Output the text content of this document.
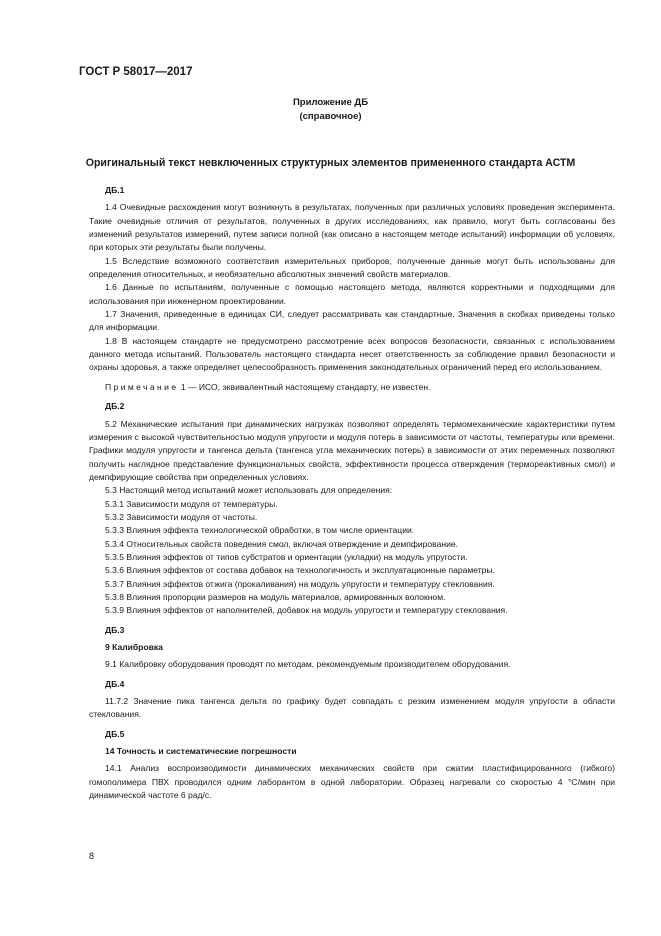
ГОСТ Р 58017—2017
Приложение ДБ
(справочное)
Оригинальный текст невключенных структурных элементов примененного стандарта АСТМ

ДБ.1

1.4 Очевидные расхождения могут возникнуть в результатах, полученных при различных условиях проведения эксперимента. Такие очевидные отличия от результатов, полученных в других исследованиях, как правило, могут быть согласованы без изменений результатов измерений, путем записи полной (как описано в настоящем методе испытаний) информации об условиях, при которых эти результаты были получены.

1.5 Вследствие возможного соответствия измерительных приборов, полученные данные могут быть использованы для определения относительных, и необязательно абсолютных значений свойств материалов.

1.6 Данные по испытаниям, полученные с помощью настоящего метода, являются корректными и подходящими для использования при инженерном проектировании.

1.7 Значения, приведенные в единицах СИ, следует рассматривать как стандартные. Значения в скобках приведены только для информации.

1.8 В настоящем стандарте не предусмотрено рассмотрение всех вопросов безопасности, связанных с использованием данного метода испытаний. Пользователь настоящего стандарта несет ответственность за соблюдение правил безопасности и охраны здоровья, а также определяет целесообразность применения законодательных ограничений перед его использованием.

Примечание 1 — ИСО, эквивалентный настоящему стандарту, не известен.

ДБ.2

5.2 Механические испытания при динамических нагрузках позволяют определять термомеханические характеристики путем измерения с высокой чувствительностью модуля упругости и модуля потерь в зависимости от частоты, температуры или времени. Графики модуля упругости и тангенса дельта (тангенса угла механических потерь) в зависимости от этих переменных позволяют получить наглядное представление функциональных свойств, эффективности процесса отверждения (термореактивных смол) и демпфирующие свойства при определенных условиях.

5.3 Настоящий метод испытаний может использовать для определения:

5.3.1 Зависимости модуля от температуры.

5.3.2 Зависимости модуля от частоты.

5.3.3 Влияния эффекта технологической обработки, в том числе ориентации.

5.3.4 Относительных свойств поведения смол, включая отверждение и демпфирование.

5.3.5 Влияния эффектов от типов субстратов и ориентации (укладки) на модуль упругости.

5.3.6 Влияния эффектов от состава добавок на технологичность и эксплуатационные параметры.

5.3.7 Влияния эффектов отжига (прокаливания) на модуль упругости и температуру стеклования.

5.3.8 Влияния пропорции размеров на модуль материалов, армированных волокном.

5.3.9 Влияния эффектов от наполнителей, добавок на модуль упругости и температуру стеклования.

ДБ.3

9 Калибровка

9.1 Калибровку оборудования проводят по методам, рекомендуемым производителем оборудования.

ДБ.4

11.7.2 Значение пика тангенса дельта по графику будет совпадать с резким изменением модуля упругости в области стеклования.

ДБ.5

14 Точность и систематические погрешности

14.1 Анализ воспроизводимости динамических механических свойств при сжатии пластифицированного (гибкого) гомополимера ПВХ проводился одним лаборантом в одной лаборатории. Образец нагревали со скоростью 4 °С/мин при динамической частоте 6 рад/с.

8
